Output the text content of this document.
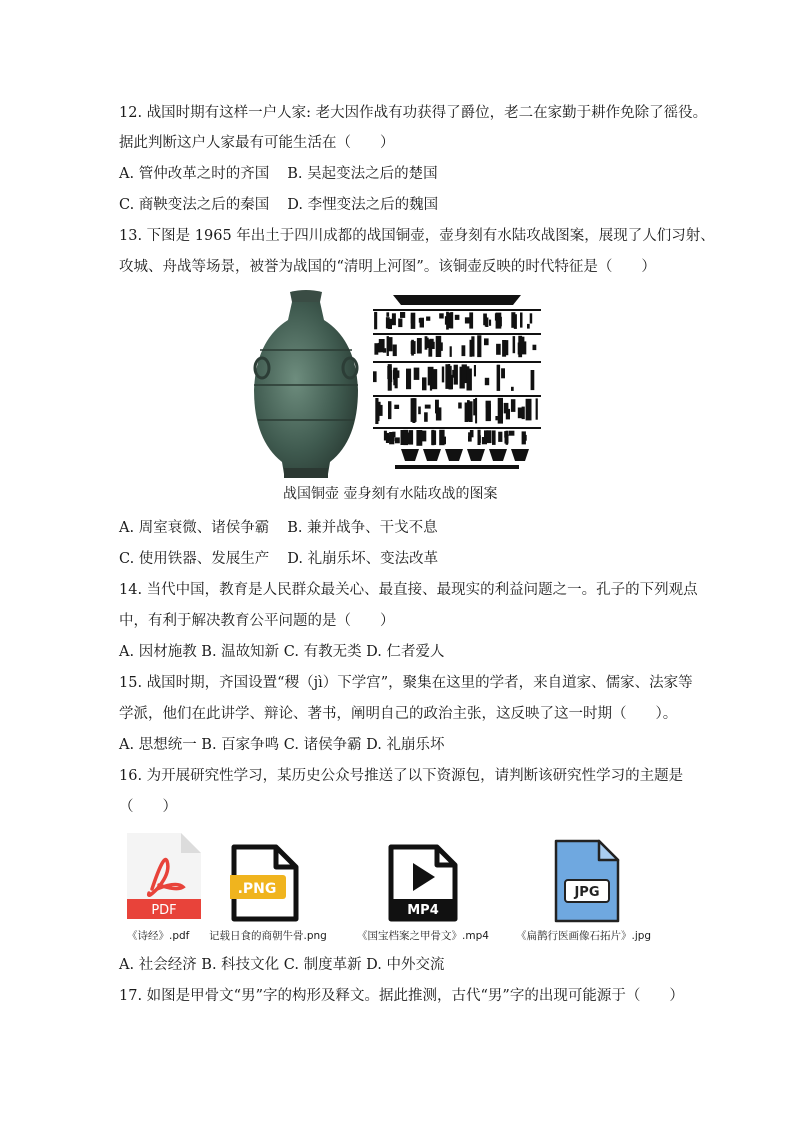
12. 战国时期有这样一户人家: 老大因作战有功获得了爵位，老二在家勤于耕作免除了徭役。
据此判断这户人家最有可能生活在（　　）
A. 管仲改革之时的齐国 B. 吴起变法之后的楚国
C. 商鞅变法之后的秦国 D. 李悝变法之后的魏国
13. 下图是 1965 年出土于四川成都的战国铜壶，壶身刻有水陆攻战图案，展现了人们习射、
攻城、舟战等场景，被誉为战国的“清明上河图”。该铜壶反映的时代特征是（　　）
战国铜壶 壶身刻有水陆攻战的图案
A. 周室衰微、诸侯争霸 B. 兼并战争、干戈不息
C. 使用铁器、发展生产 D. 礼崩乐坏、变法改革
14. 当代中国，教育是人民群众最关心、最直接、最现实的利益问题之一。孔子的下列观点
中，有利于解决教育公平问题的是（　　）
A. 因材施教 B. 温故知新 C. 有教无类 D. 仁者爱人
15. 战国时期，齐国设置“稷（jì）下学宫”，聚集在这里的学者，来自道家、儒家、法家等
学派，他们在此讲学、辩论、著书，阐明自己的政治主张，这反映了这一时期（　　）。
A. 思想统一 B. 百家争鸣 C. 诸侯争霸 D. 礼崩乐坏
16. 为开展研究性学习，某历史公众号推送了以下资源包，请判断该研究性学习的主题是
（　　）
PDF
.PNG
MP4
JPG
《诗经》.pdf 记载日食的商朝牛骨.png	《国宝档案之甲骨文》.mp4	《扁鹊行医画像石拓片》.jpg
A. 社会经济 B. 科技文化 C. 制度革新 D. 中外交流
17. 如图是甲骨文“男”字的构形及释文。据此推测，古代“男”字的出现可能源于（　　）
